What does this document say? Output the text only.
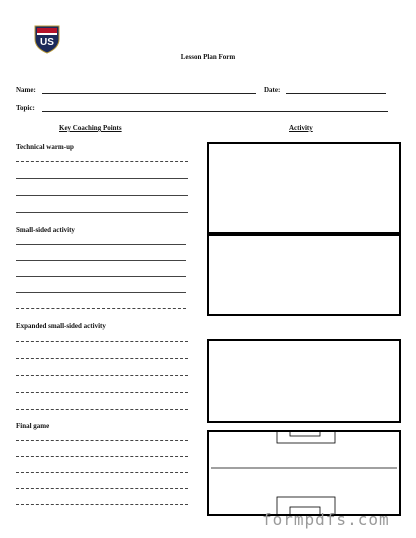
US
Lesson Plan Form
Name:	Date:
Topic:
Key Coaching Points	Activity
Technical warm-up
Small-sided activity
Expanded small-sided activity
Final game
formpdfs.com
